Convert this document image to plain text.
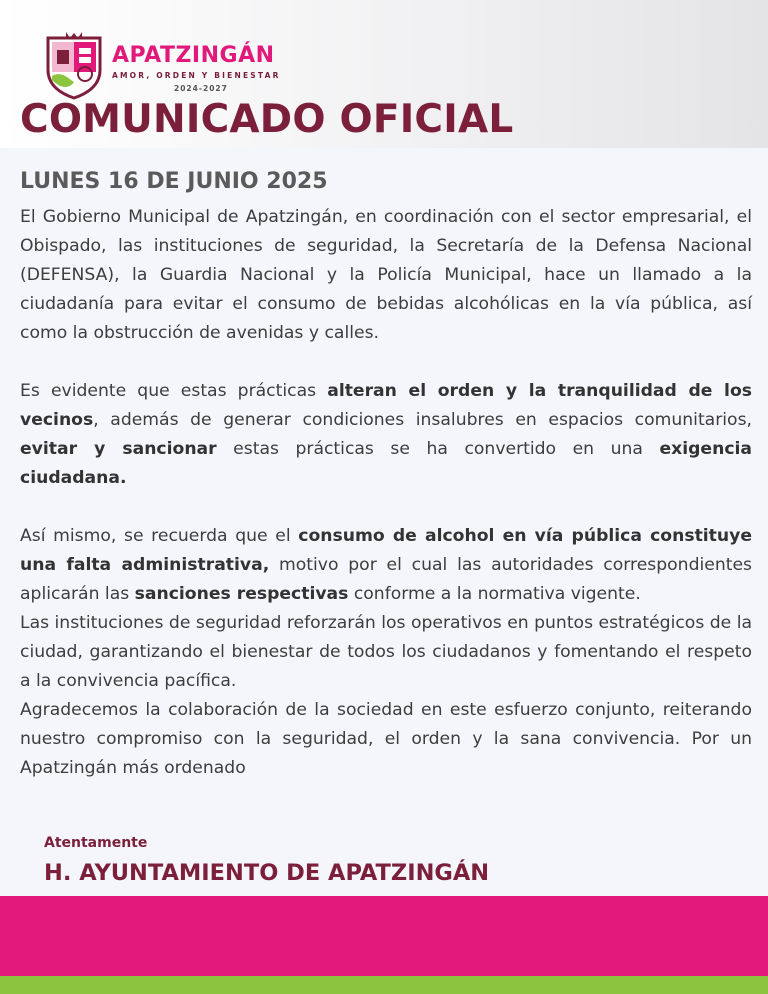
APATZINGÁN
AMOR, ORDEN Y BIENESTAR
2024-2027
COMUNICADO OFICIAL
LUNES 16 DE JUNIO 2025

El Gobierno Municipal de Apatzingán, en coordinación con el sector empresarial, el Obispado, las instituciones de seguridad, la Secretaría de la Defensa Nacional (DEFENSA), la Guardia Nacional y la Policía Municipal, hace un llamado a la ciudadanía para evitar el consumo de bebidas alcohólicas en la vía pública, así como la obstrucción de avenidas y calles.

Es evidente que estas prácticas alteran el orden y la tranquilidad de los vecinos, además de generar condiciones insalubres en espacios comunitarios, evitar y sancionar estas prácticas se ha convertido en una exigencia ciudadana.

Así mismo, se recuerda que el consumo de alcohol en vía pública constituye una falta administrativa, motivo por el cual las autoridades correspondientes aplicarán las sanciones respectivas conforme a la normativa vigente.

Las instituciones de seguridad reforzarán los operativos en puntos estratégicos de la ciudad, garantizando el bienestar de todos los ciudadanos y fomentando el respeto a la convivencia pacífica.

Agradecemos la colaboración de la sociedad en este esfuerzo conjunto, reiterando nuestro compromiso con la seguridad, el orden y la sana convivencia. Por un Apatzingán más ordenado

Atentamente
H. AYUNTAMIENTO DE APATZINGÁN
